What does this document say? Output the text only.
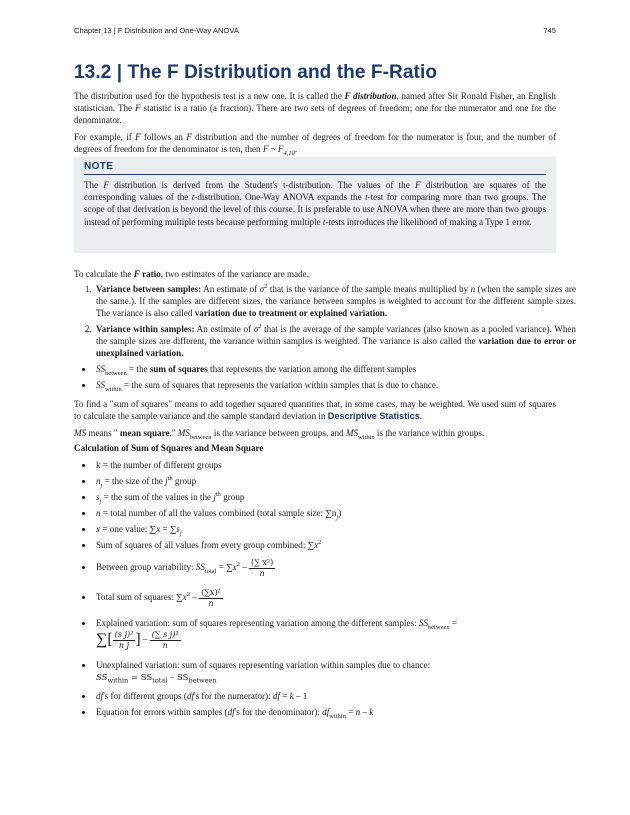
Chapter 13 | F Distribution and One-Way ANOVA	745
13.2 | The F Distribution and the F-Ratio
The distribution used for the hypothesis test is a new one. It is called the F distribution, named after Sir Ronald Fisher, an English statistician. The F statistic is a ratio (a fraction). There are two sets of degrees of freedom; one for the numerator and one for the denominator.
For example, if F follows an F distribution and the number of degrees of freedom for the numerator is four, and the number of degrees of freedom for the denominator is ten, then F ~ $F_{4,10}$.
NOTE
The F distribution is derived from the Student's t-distribution. The values of the F distribution are squares of the corresponding values of the t-distribution. One-Way ANOVA expands the t-test for comparing more than two groups. The scope of that derivation is beyond the level of this course. It is preferable to use ANOVA when there are more than two groups instead of performing multiple tests because performing multiple t-tests introduces the likelihood of making a Type 1 error.
To calculate the F ratio, two estimates of the variance are made.
1. Variance between samples: An estimate of $\sigma^2$ that is the variance of the sample means multiplied by n (when the sample sizes are the same.). If the samples are different sizes, the variance between samples is weighted to account for the different sample sizes. The variance is also called variation due to treatment or explained variation.
2. Variance within samples: An estimate of $\sigma^2$ that is the average of the sample variances (also known as a pooled variance). When the sample sizes are different, the variance within samples is weighted. The variance is also called the variation due to error or unexplained variation.
• $SS_{between}$ = the sum of squares that represents the variation among the different samples
• $SS_{within}$ = the sum of squares that represents the variation within samples that is due to chance.
To find a "sum of squares" means to add together squared quantities that, in some cases, may be weighted. We used sum of squares to calculate the sample variance and the sample standard deviation in Descriptive Statistics.
MS means " mean square." $MS_{between}$ is the variance between groups, and $MS_{within}$ is the variance within groups.
Calculation of Sum of Squares and Mean Square
• k = the number of different groups
• $n_j$ = the size of the $j^{th}$ group
• $s_j$ = the sum of the values in the $j^{th}$ group
• n = total number of all the values combined (total sample size: $\sum n_j$)
• x = one value: $\sum x = \sum s_j$
• Sum of squares of all values from every group combined: $\sum x^2$
• Between group variability: $SS_{total} = \sum x^2 - \frac{\text{(∑ x²)}}{n}$
• Total sum of squares: $\sum x^2 - \frac{\text{(∑x)²}}{n}$
• Explained variation: sum of squares representing variation among the different samples: $SS_{between}$ =
∑[ $\frac{\text{(s j)²}}{\text{n j}}$ ] – $\frac{\text{(∑ s j)²}}{n}$
• Unexplained variation: sum of squares representing variation within samples due to chance:
$SS_{within} = SS_{total} - SS_{between}$
• df's for different groups (df's for the numerator): df = k – 1
• Equation for errors within samples (df's for the denominator): $df_{within} = n - k$
